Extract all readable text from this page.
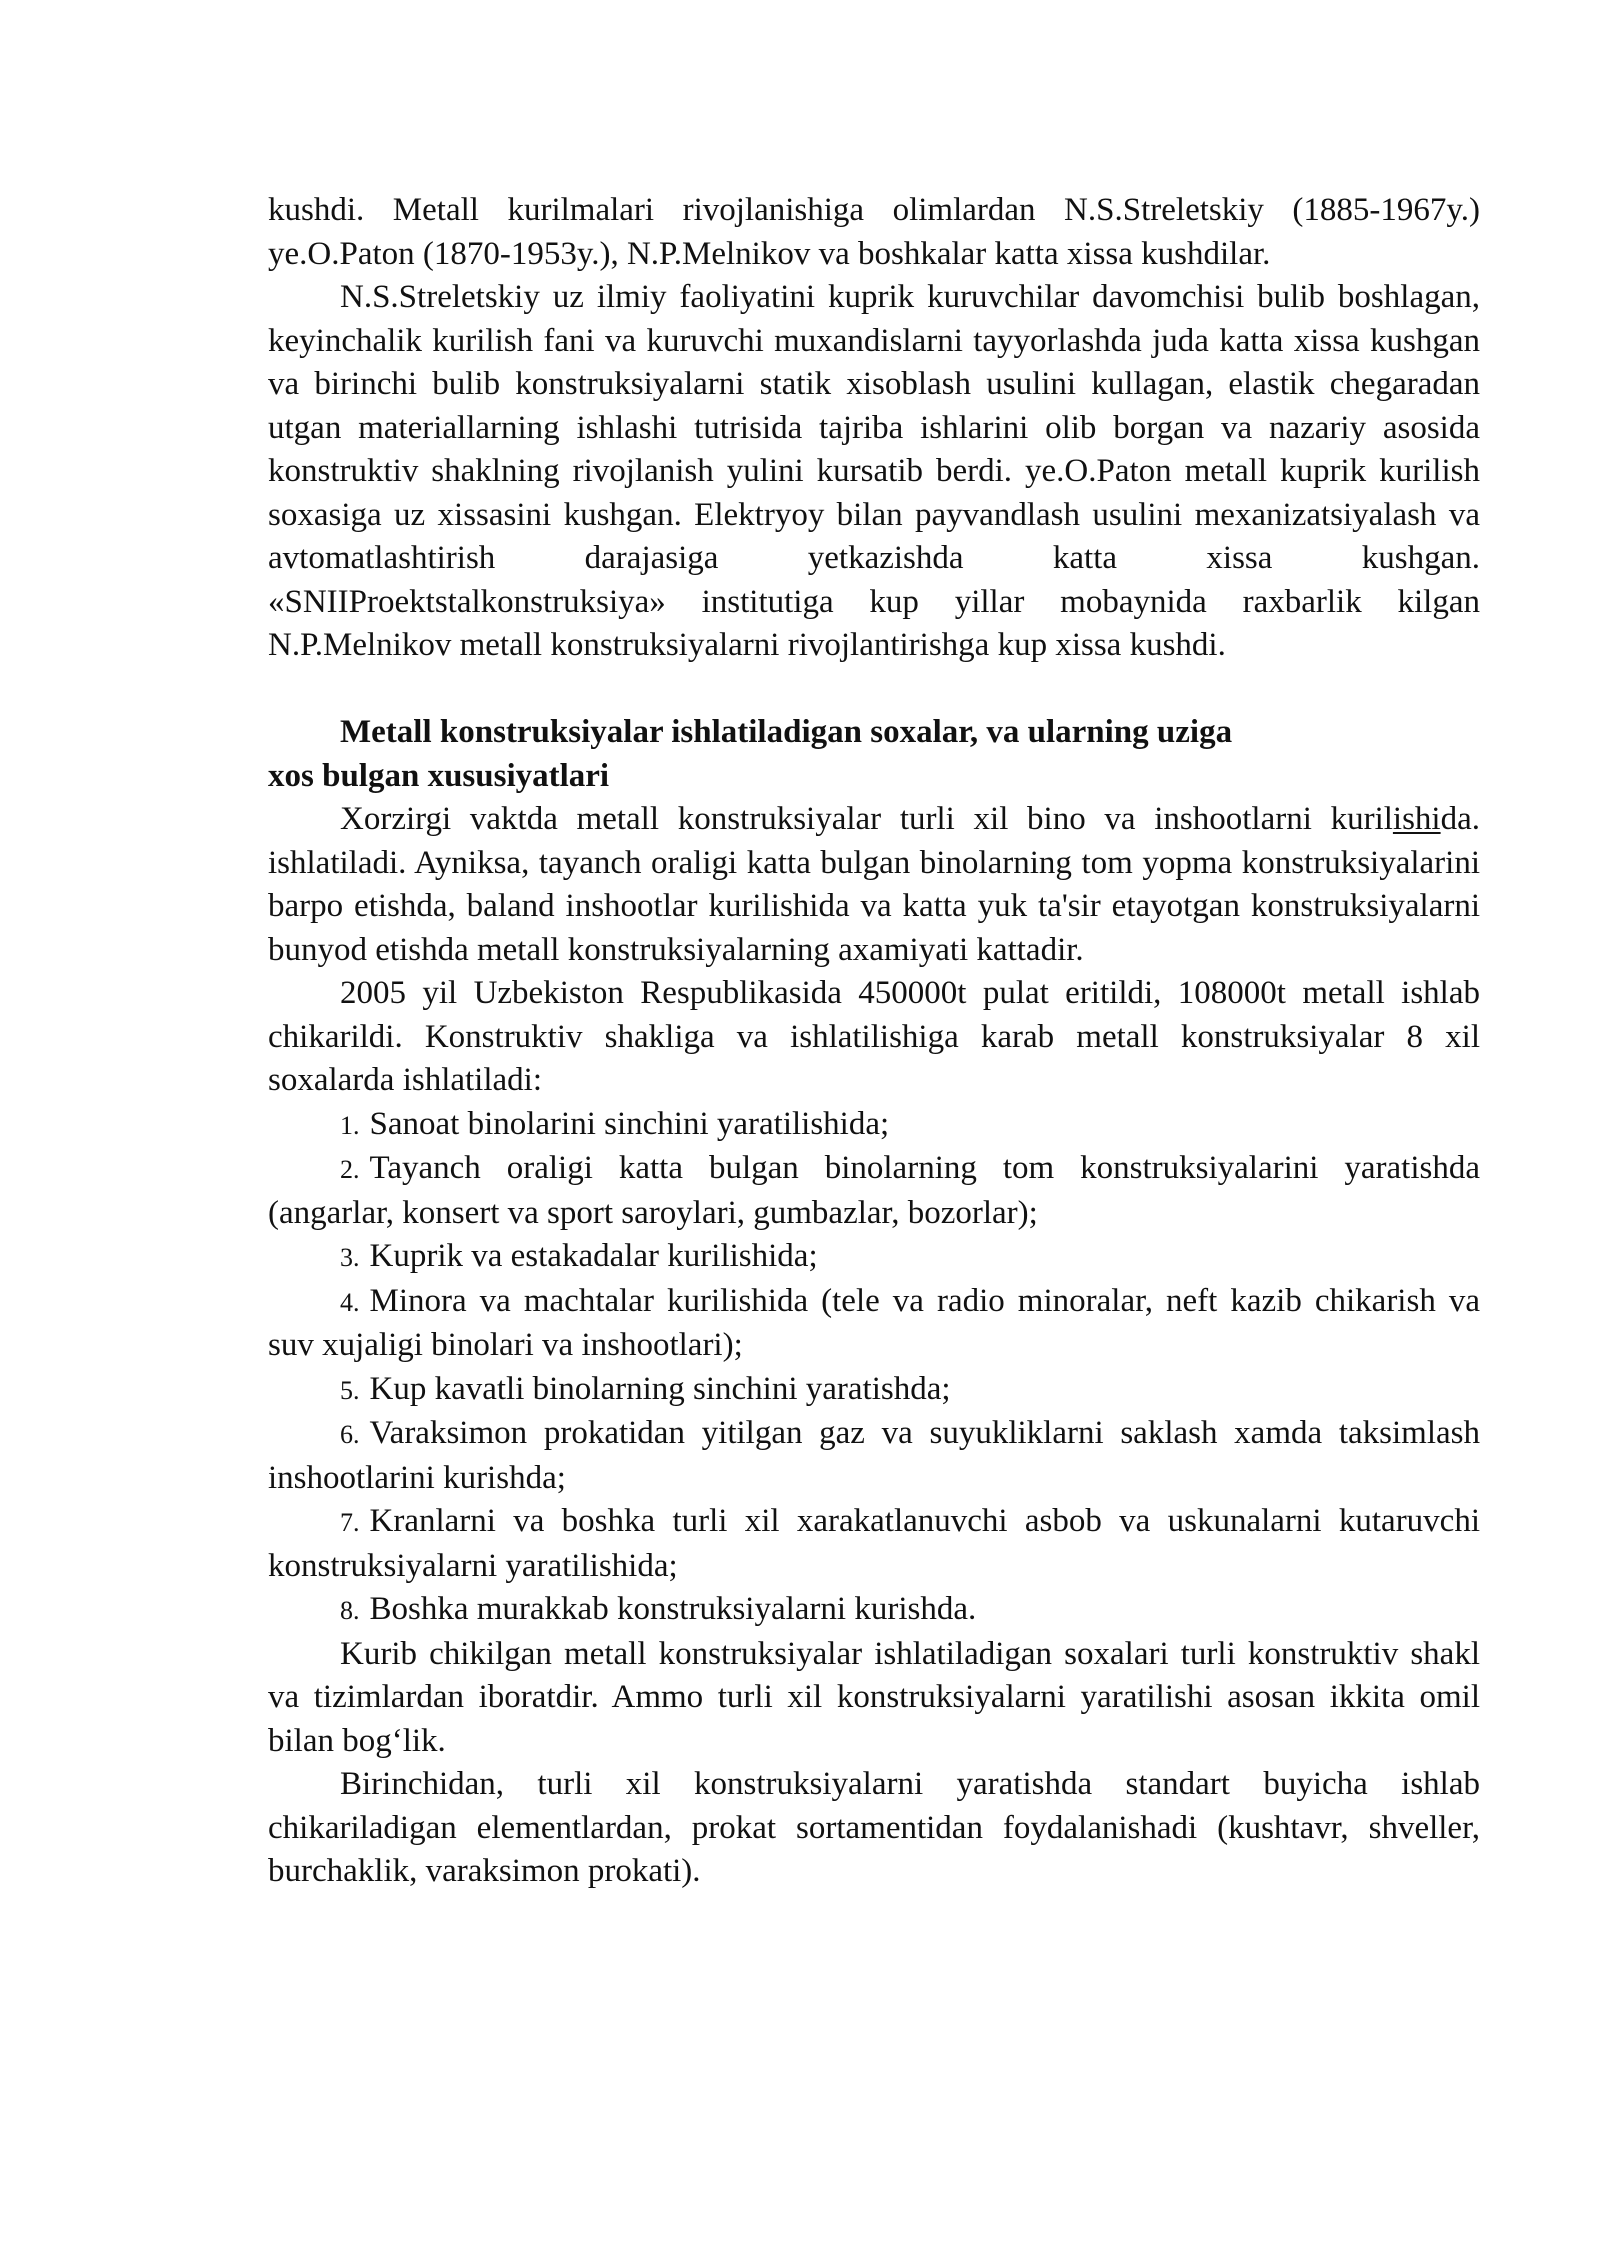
kushdi. Metall kurilmalari rivojlanishiga olimlardan N.S.Streletskiy (1885-1967y.) ye.O.Paton (1870-1953y.), N.P.Melnikov va boshkalar katta xissa kushdilar.

N.S.Streletskiy uz ilmiy faoliyatini kuprik kuruvchilar davomchisi bulib boshlagan, keyinchalik kurilish fani va kuruvchi muxandislarni tayyorlashda juda katta xissa kushgan va birinchi bulib konstruksiyalarni statik xisoblash usulini kullagan, elastik chegaradan utgan materiallarning ishlashi tutrisida tajriba ishlarini olib borgan va nazariy asosida konstruktiv shaklning rivojlanish yulini kursatib berdi. ye.O.Paton metall kuprik kurilish soxasiga uz xissasini kushgan. Elektryoy bilan payvandlash usulini mexanizatsiyalash va avtomatlashtirish darajasiga yetkazishda katta xissa kushgan. «SNIIProektstalkonstruksiya» institutiga kup yillar mobaynida raxbarlik kilgan N.P.Melnikov metall konstruksiyalarni rivojlantirishga kup xissa kushdi.

Metall konstruksiyalar ishlatiladigan soxalar, va ularning uziga
xos bulgan xususiyatlari

Xorzirgi vaktda metall konstruksiyalar turli xil bino va inshootlarni kurilishida. ishlatiladi. Ayniksa, tayanch oraligi katta bulgan binolarning tom yopma konstruksiyalarini barpo etishda, baland inshootlar kurilishida va katta yuk ta'sir etayotgan konstruksiyalarni bunyod etishda metall konstruksiyalarning axamiyati kattadir.

2005 yil Uzbekiston Respublikasida 450000t pulat eritildi, 108000t metall ishlab chikarildi. Konstruktiv shakliga va ishlatilishiga karab metall konstruksiyalar 8 xil soxalarda ishlatiladi:

1. Sanoat binolarini sinchini yaratilishida;

2. Tayanch oraligi katta bulgan binolarning tom konstruksiyalarini yaratishda (angarlar, konsert va sport saroylari, gumbazlar, bozorlar);

3. Kuprik va estakadalar kurilishida;

4. Minora va machtalar kurilishida (tele va radio minoralar, neft kazib chikarish va suv xujaligi binolari va inshootlari);

5. Kup kavatli binolarning sinchini yaratishda;

6. Varaksimon prokatidan yitilgan gaz va suyukliklarni saklash xamda taksimlash inshootlarini kurishda;

7. Kranlarni va boshka turli xil xarakatlanuvchi asbob va uskunalarni kutaruvchi konstruksiyalarni yaratilishida;

8. Boshka murakkab konstruksiyalarni kurishda.

Kurib chikilgan metall konstruksiyalar ishlatiladigan soxalari turli konstruktiv shakl va tizimlardan iboratdir. Ammo turli xil konstruksiyalarni yaratilishi asosan ikkita omil bilan bog‘lik.

Birinchidan, turli xil konstruksiyalarni yaratishda standart buyicha ishlab chikariladigan elementlardan, prokat sortamentidan foydalanishadi (kushtavr, shveller, burchaklik, varaksimon prokati).
